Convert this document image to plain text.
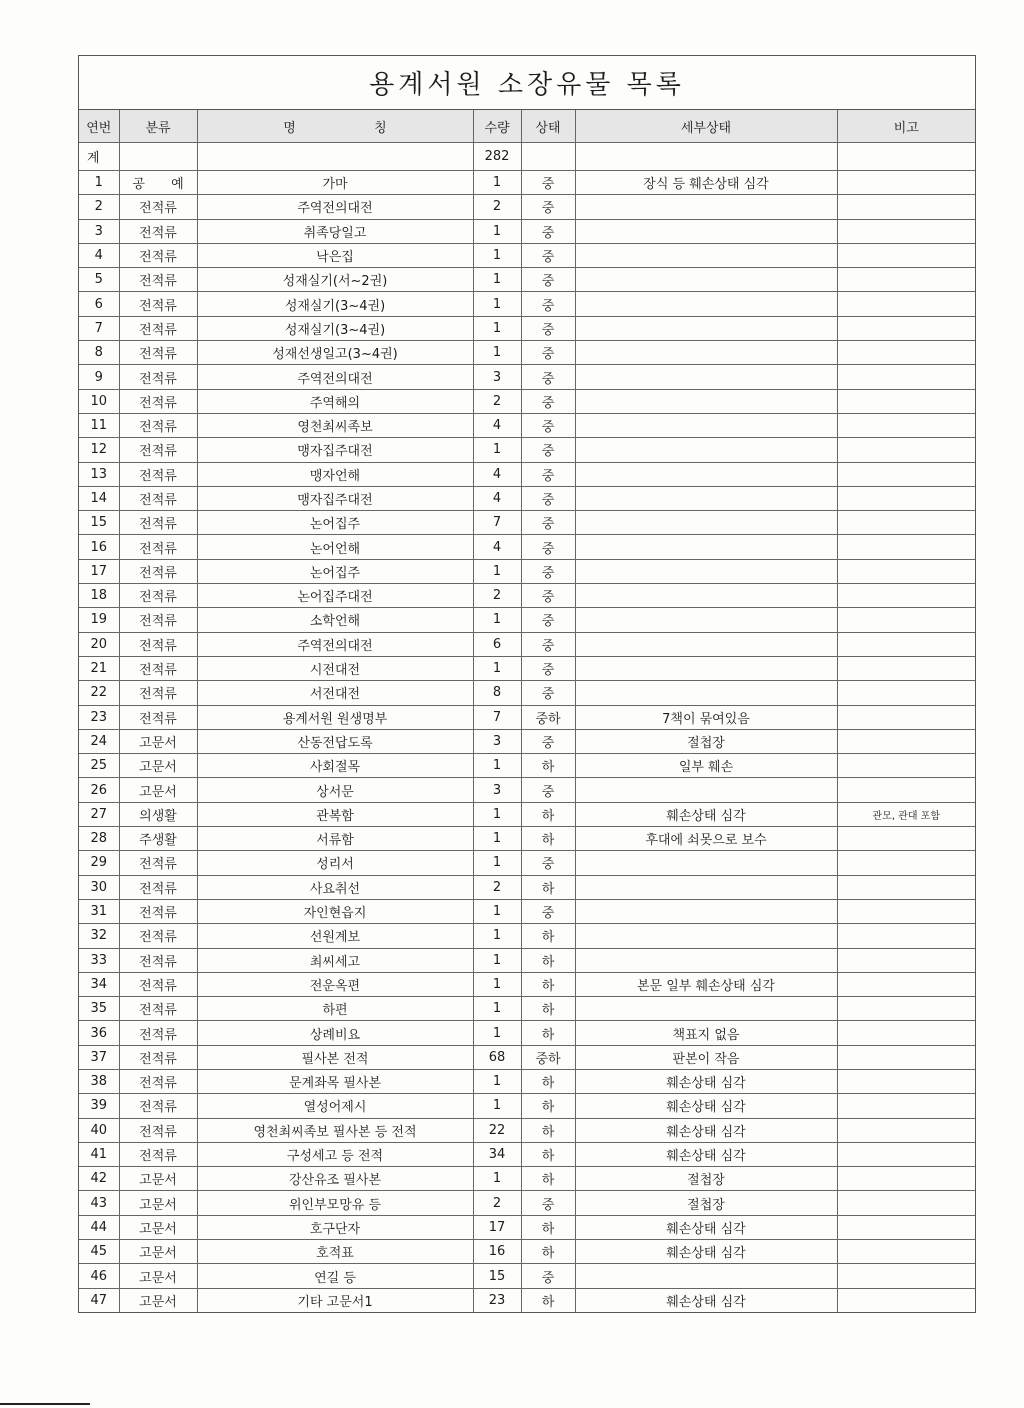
용계서원 소장유물 목록
연번	분류	명 칭	수량	상태	세부상태	비고
계			282			
1	공 예	가마	1	중	장식 등 훼손상태 심각	
2	전적류	주역전의대전	2	중		
3	전적류	취족당일고	1	중		
4	전적류	낙은집	1	중		
5	전적류	성재실기(서~2권)	1	중		
6	전적류	성재실기(3~4권)	1	중		
7	전적류	성재실기(3~4권)	1	중		
8	전적류	성재선생일고(3~4권)	1	중		
9	전적류	주역전의대전	3	중		
10	전적류	주역해의	2	중		
11	전적류	영천최씨족보	4	중		
12	전적류	맹자집주대전	1	중		
13	전적류	맹자언해	4	중		
14	전적류	맹자집주대전	4	중		
15	전적류	논어집주	7	중		
16	전적류	논어언해	4	중		
17	전적류	논어집주	1	중		
18	전적류	논어집주대전	2	중		
19	전적류	소학언해	1	중		
20	전적류	주역전의대전	6	중		
21	전적류	시전대전	1	중		
22	전적류	서전대전	8	중		
23	전적류	용계서원 원생명부	7	중하	7책이 묶여있음	
24	고문서	산동전답도록	3	중	절첩장	
25	고문서	사회절목	1	하	일부 훼손	
26	고문서	상서문	3	중		
27	의생활	관복함	1	하	훼손상태 심각	관모, 관대 포함
28	주생활	서류함	1	하	후대에 쇠못으로 보수	
29	전적류	성리서	1	중		
30	전적류	사요취선	2	하		
31	전적류	자인현읍지	1	중		
32	전적류	선원계보	1	하		
33	전적류	최씨세고	1	하		
34	전적류	전운옥편	1	하	본문 일부 훼손상태 심각	
35	전적류	하편	1	하		
36	전적류	상례비요	1	하	책표지 없음	
37	전적류	필사본 전적	68	중하	판본이 작음	
38	전적류	문계좌목 필사본	1	하	훼손상태 심각	
39	전적류	열성어제시	1	하	훼손상태 심각	
40	전적류	영천최씨족보 필사본 등 전적	22	하	훼손상태 심각	
41	전적류	구성세고 등 전적	34	하	훼손상태 심각	
42	고문서	강산유조 필사본	1	하	절첩장	
43	고문서	위인부모망유 등	2	중	절첩장	
44	고문서	호구단자	17	하	훼손상태 심각	
45	고문서	호적표	16	하	훼손상태 심각	
46	고문서	연길 등	15	중		
47	고문서	기타 고문서1	23	하	훼손상태 심각	
